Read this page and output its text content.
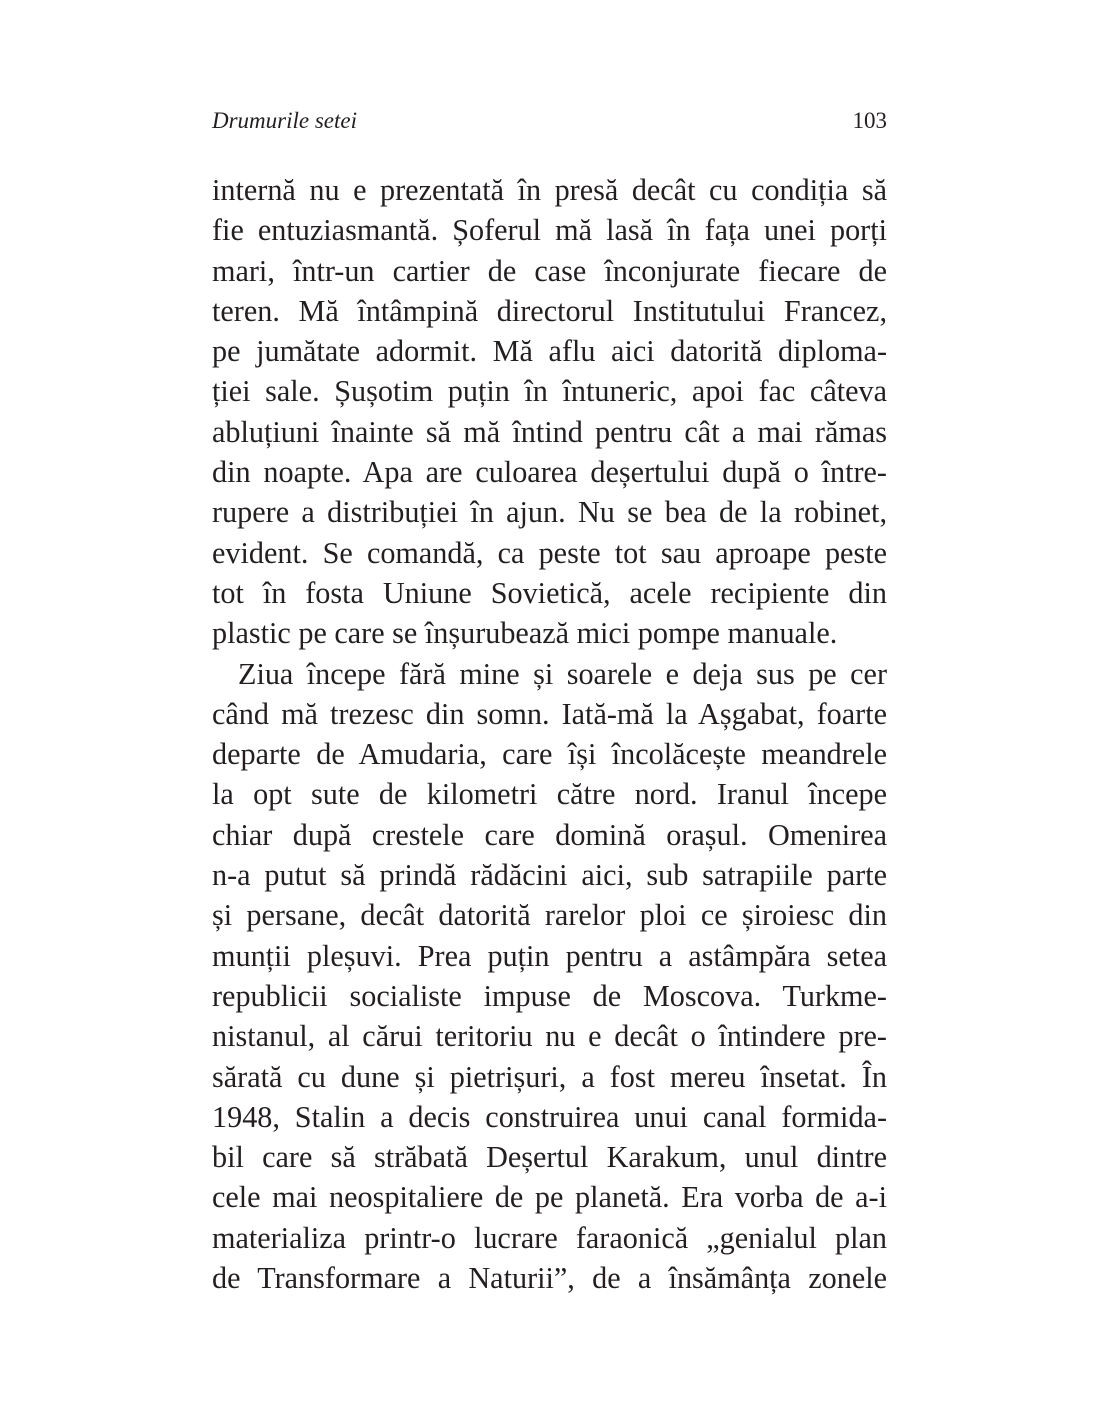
Drumurile setei	103
internă nu e prezentată în presă decât cu condiția să
fie entuziasmantă. Șoferul mă lasă în fața unei porți
mari, într-un cartier de case înconjurate fiecare de
teren. Mă întâmpină directorul Institutului Francez,
pe jumătate adormit. Mă aflu aici datorită diploma-
ției sale. Șușotim puțin în întuneric, apoi fac câteva
abluțiuni înainte să mă întind pentru cât a mai rămas
din noapte. Apa are culoarea deșertului după o între-
rupere a distribuției în ajun. Nu se bea de la robinet,
evident. Se comandă, ca peste tot sau aproape peste
tot în fosta Uniune Sovietică, acele recipiente din
plastic pe care se înșurubează mici pompe manuale.
Ziua începe fără mine și soarele e deja sus pe cer
când mă trezesc din somn. Iată-mă la Așgabat, foarte
departe de Amudaria, care își încolăcește meandrele
la opt sute de kilometri către nord. Iranul începe
chiar după crestele care domină orașul. Omenirea
n-a putut să prindă rădăcini aici, sub satrapiile parte
și persane, decât datorită rarelor ploi ce șiroiesc din
munții pleșuvi. Prea puțin pentru a astâmpăra setea
republicii socialiste impuse de Moscova. Turkme-
nistanul, al cărui teritoriu nu e decât o întindere pre-
sărată cu dune și pietrișuri, a fost mereu însetat. În
1948, Stalin a decis construirea unui canal formida-
bil care să străbată Deșertul Karakum, unul dintre
cele mai neospitaliere de pe planetă. Era vorba de a-i
materializa printr-o lucrare faraonică „genialul plan
de Transformare a Naturii”, de a însămânța zonele
